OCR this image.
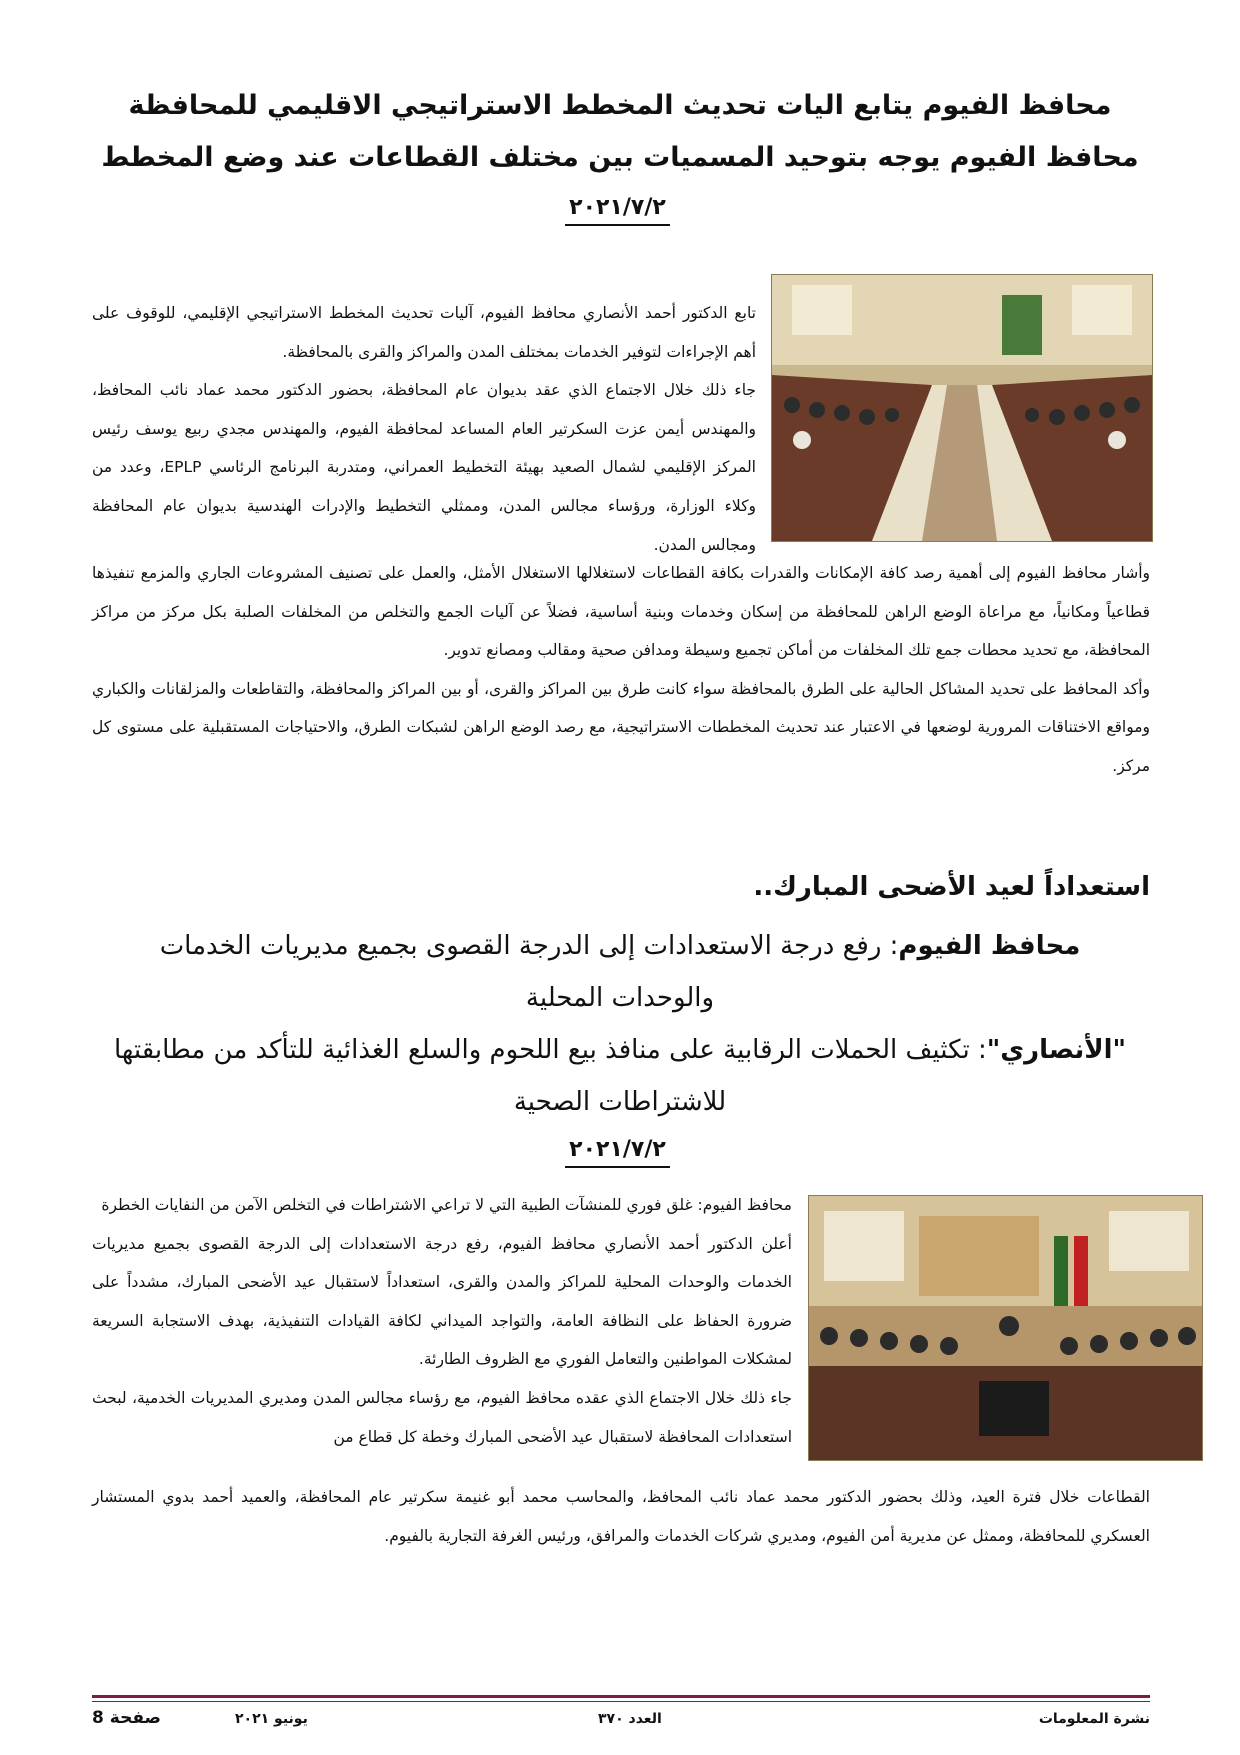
محافظ الفيوم يتابع اليات تحديث المخطط الاستراتيجي الاقليمي للمحافظة
محافظ الفيوم يوجه بتوحيد المسميات بين مختلف القطاعات عند وضع المخطط
٢٠٢١/٧/٢

تابع الدكتور أحمد الأنصاري محافظ الفيوم، آليات تحديث المخطط الاستراتيجي الإقليمي، للوقوف على أهم الإجراءات لتوفير الخدمات بمختلف المدن والمراكز والقرى بالمحافظة.

جاء ذلك خلال الاجتماع الذي عقد بديوان عام المحافظة، بحضور الدكتور محمد عماد نائب المحافظ، والمهندس أيمن عزت السكرتير العام المساعد لمحافظة الفيوم، والمهندس مجدي ربيع يوسف رئيس المركز الإقليمي لشمال الصعيد بهيئة التخطيط العمراني، ومتدربة البرنامج الرئاسي EPLP، وعدد من وكلاء الوزارة، ورؤساء مجالس المدن، وممثلي التخطيط والإدرات الهندسية بديوان عام المحافظة ومجالس المدن.

وأشار محافظ الفيوم إلى أهمية رصد كافة الإمكانات والقدرات بكافة القطاعات لاستغلالها الاستغلال الأمثل، والعمل على تصنيف المشروعات الجاري والمزمع تنفيذها قطاعياً ومكانياً، مع مراعاة الوضع الراهن للمحافظة من إسكان وخدمات وبنية أساسية، فضلاً عن آليات الجمع والتخلص من المخلفات الصلبة بكل مركز من مراكز المحافظة، مع تحديد محطات جمع تلك المخلفات من أماكن تجميع وسيطة ومدافن صحية ومقالب ومصانع تدوير.

وأكد المحافظ على تحديد المشاكل الحالية على الطرق بالمحافظة سواء كانت طرق بين المراكز والقرى، أو بين المراكز والمحافظة، والتقاطعات والمزلقانات والكباري ومواقع الاختناقات المرورية لوضعها في الاعتبار عند تحديث المخططات الاستراتيجية، مع رصد الوضع الراهن لشبكات الطرق، والاحتياجات المستقبلية على مستوى كل مركز.

استعداداً لعيد الأضحى المبارك..
محافظ الفيوم: رفع درجة الاستعدادات إلى الدرجة القصوى بجميع مديريات الخدمات والوحدات المحلية
"الأنصاري": تكثيف الحملات الرقابية على منافذ بيع اللحوم والسلع الغذائية للتأكد من مطابقتها للاشتراطات الصحية
٢٠٢١/٧/٢

محافظ الفيوم: غلق فوري للمنشآت الطبية التي لا تراعي الاشتراطات في التخلص الآمن من النفايات الخطرة

أعلن الدكتور أحمد الأنصاري محافظ الفيوم، رفع درجة الاستعدادات إلى الدرجة القصوى بجميع مديريات الخدمات والوحدات المحلية للمراكز والمدن والقرى، استعداداً لاستقبال عيد الأضحى المبارك، مشدداً على ضرورة الحفاظ على النظافة العامة، والتواجد الميداني لكافة القيادات التنفيذية، بهدف الاستجابة السريعة لمشكلات المواطنين والتعامل الفوري مع الظروف الطارئة.

جاء ذلك خلال الاجتماع الذي عقده محافظ الفيوم، مع رؤساء مجالس المدن ومديري المديريات الخدمية، لبحث استعدادات المحافظة لاستقبال عيد الأضحى المبارك وخطة كل قطاع من

القطاعات خلال فترة العيد، وذلك بحضور الدكتور محمد عماد نائب المحافظ، والمحاسب محمد أبو غنيمة سكرتير عام المحافظة، والعميد أحمد بدوي المستشار العسكري للمحافظة، وممثل عن مديرية أمن الفيوم، ومديري شركات الخدمات والمرافق، ورئيس الغرفة التجارية بالفيوم.

نشرة المعلومات
العدد ٣٧٠
يونيو ٢٠٢١
صفحة 8
